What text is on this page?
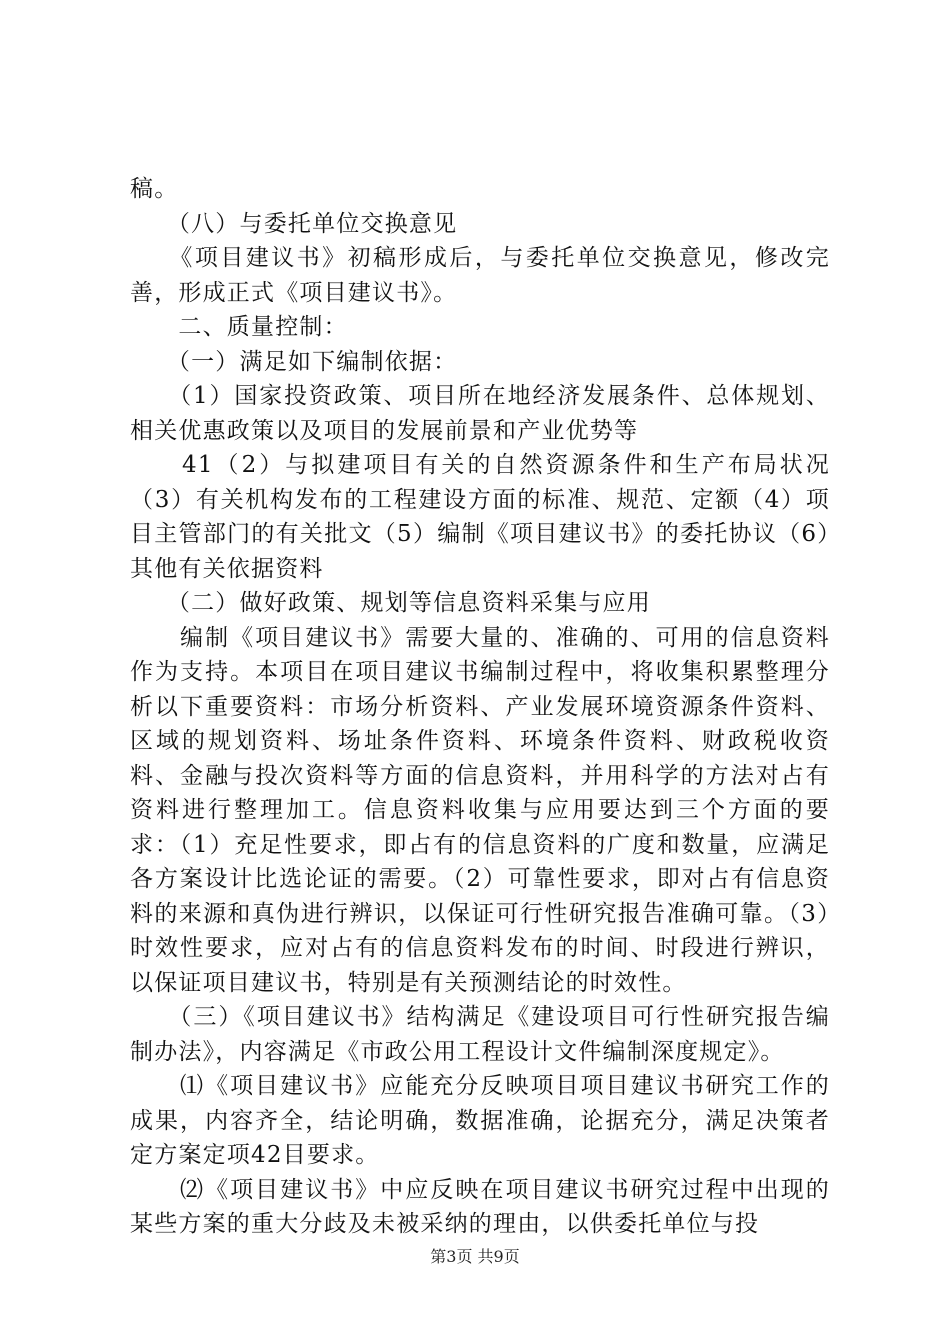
稿。

　　（八）与委托单位交换意见

　　《项目建议书》初稿形成后，与委托单位交换意见，修改完善，形成正式《项目建议书》。

　　二、质量控制：

　　（一）满足如下编制依据：

　　（1）国家投资政策、项目所在地经济发展条件、总体规划、相关优惠政策以及项目的发展前景和产业优势等

　　41（2）与拟建项目有关的自然资源条件和生产布局状况（3）有关机构发布的工程建设方面的标准、规范、定额（4）项目主管部门的有关批文（5）编制《项目建议书》的委托协议（6）其他有关依据资料

　　（二）做好政策、规划等信息资料采集与应用

　　编制《项目建议书》需要大量的、准确的、可用的信息资料作为支持。本项目在项目建议书编制过程中，将收集积累整理分析以下重要资料：市场分析资料、产业发展环境资源条件资料、区域的规划资料、场址条件资料、环境条件资料、财政税收资料、金融与投次资料等方面的信息资料，并用科学的方法对占有资料进行整理加工。信息资料收集与应用要达到三个方面的要求：（1）充足性要求，即占有的信息资料的广度和数量，应满足各方案设计比选论证的需要。（2）可靠性要求，即对占有信息资料的来源和真伪进行辨识，以保证可行性研究报告准确可靠。（3）时效性要求，应对占有的信息资料发布的时间、时段进行辨识，以保证项目建议书，特别是有关预测结论的时效性。

　　（三）《项目建议书》结构满足《建设项目可行性研究报告编制办法》，内容满足《市政公用工程设计文件编制深度规定》。

　　⑴《项目建议书》应能充分反映项目项目建议书研究工作的成果，内容齐全，结论明确，数据准确，论据充分，满足决策者定方案定项42目要求。

　　⑵《项目建议书》中应反映在项目建议书研究过程中出现的某些方案的重大分歧及未被采纳的理由，以供委托单位与投

第3页 共9页
